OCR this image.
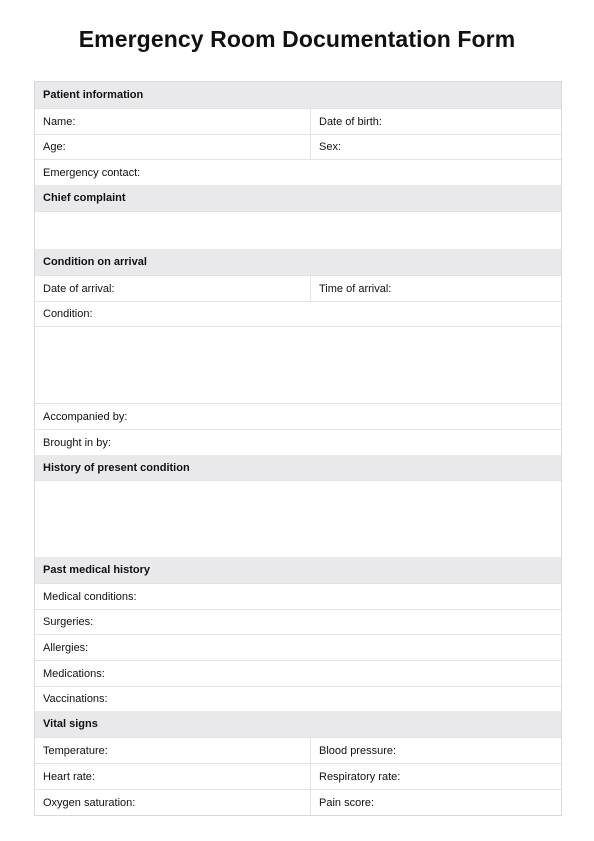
Emergency Room Documentation Form
Patient information
Name:	Date of birth:
Age:	Sex:
Emergency contact:
Chief complaint
Condition on arrival
Date of arrival:	Time of arrival:
Condition:
Accompanied by:
Brought in by:
History of present condition
Past medical history
Medical conditions:
Surgeries:
Allergies:
Medications:
Vaccinations:
Vital signs
Temperature:	Blood pressure:
Heart rate:	Respiratory rate:
Oxygen saturation:	Pain score:
